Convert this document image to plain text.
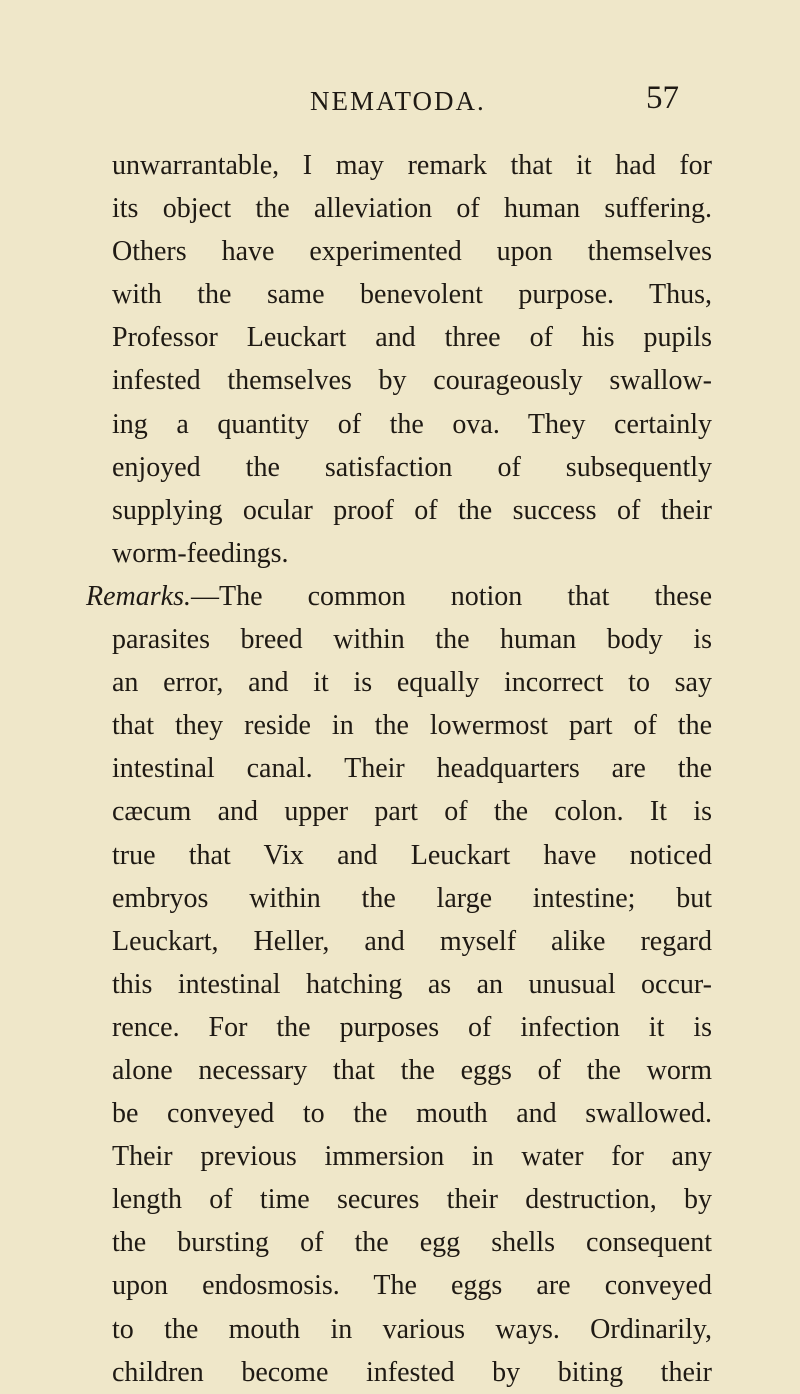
NEMATODA.	57
unwarrantable, I may remark that it had for
its object the alleviation of human suffering.
Others have experimented upon themselves
with the same benevolent purpose. Thus,
Professor Leuckart and three of his pupils
infested themselves by courageously swallow-
ing a quantity of the ova. They certainly
enjoyed the satisfaction of subsequently
supplying ocular proof of the success of their
worm-feedings.
Remarks.—The common notion that these
parasites breed within the human body is
an error, and it is equally incorrect to say
that they reside in the lowermost part of the
intestinal canal. Their headquarters are the
cæcum and upper part of the colon. It is
true that Vix and Leuckart have noticed
embryos within the large intestine; but
Leuckart, Heller, and myself alike regard
this intestinal hatching as an unusual occur-
rence. For the purposes of infection it is
alone necessary that the eggs of the worm
be conveyed to the mouth and swallowed.
Their previous immersion in water for any
length of time secures their destruction, by
the bursting of the egg shells consequent
upon endosmosis. The eggs are conveyed
to the mouth in various ways. Ordinarily,
children become infested by biting their
